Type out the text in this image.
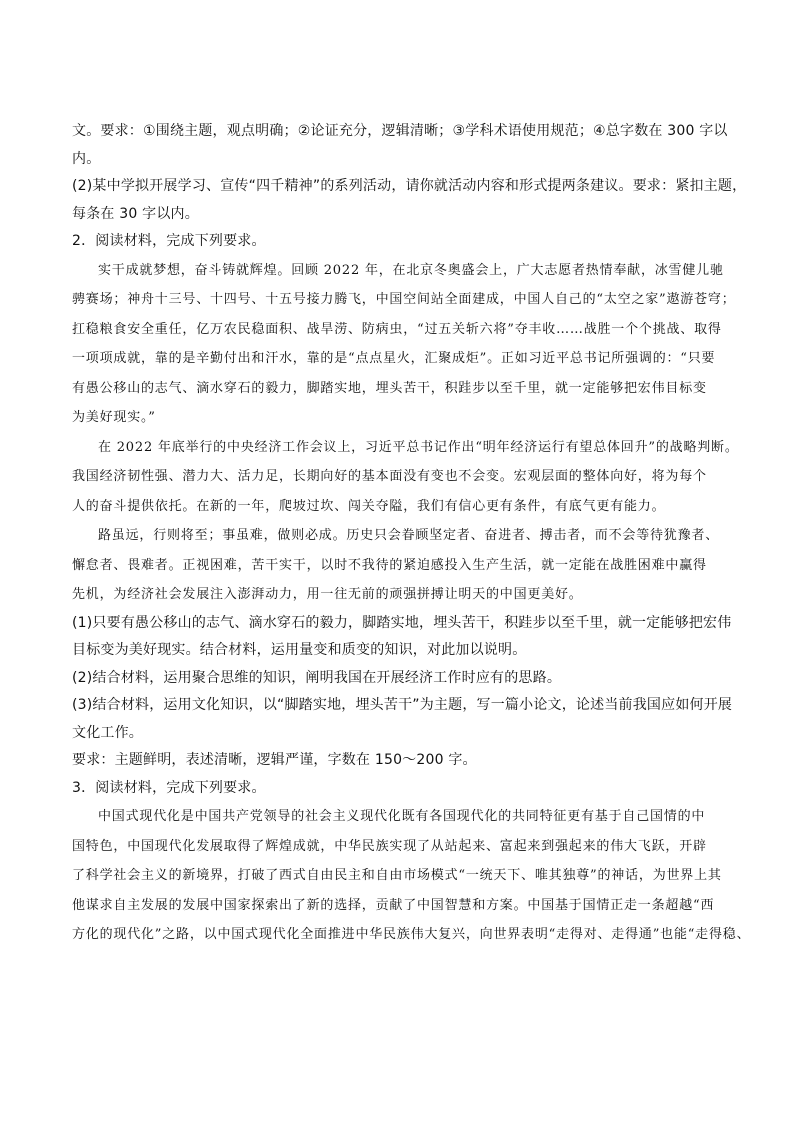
文。要求：①围绕主题，观点明确；②论证充分，逻辑清晰；③学科术语使用规范；④总字数在 300 字以

内。

(2)某中学拟开展学习、宣传“四千精神”的系列活动，请你就活动内容和形式提两条建议。要求：紧扣主题，

每条在 30 字以内。

2．阅读材料，完成下列要求。

实干成就梦想，奋斗铸就辉煌。回顾 2022 年，在北京冬奥盛会上，广大志愿者热情奉献，冰雪健儿驰

骋赛场；神舟十三号、十四号、十五号接力腾飞，中国空间站全面建成，中国人自己的“太空之家”遨游苍穹；

扛稳粮食安全重任，亿万农民稳面积、战旱涝、防病虫，“过五关斩六将”夺丰收……战胜一个个挑战、取得

一项项成就，靠的是辛勤付出和汗水，靠的是“点点星火，汇聚成炬”。正如习近平总书记所强调的：“只要

有愚公移山的志气、滴水穿石的毅力，脚踏实地，埋头苦干，积跬步以至千里，就一定能够把宏伟目标变

为美好现实。”

在 2022 年底举行的中央经济工作会议上，习近平总书记作出“明年经济运行有望总体回升”的战略判断。

我国经济韧性强、潜力大、活力足，长期向好的基本面没有变也不会变。宏观层面的整体向好，将为每个

人的奋斗提供依托。在新的一年，爬坡过坎、闯关夺隘，我们有信心更有条件，有底气更有能力。

路虽远，行则将至；事虽难，做则必成。历史只会眷顾坚定者、奋进者、搏击者，而不会等待犹豫者、

懈怠者、畏难者。正视困难，苦干实干，以时不我待的紧迫感投入生产生活，就一定能在战胜困难中赢得

先机，为经济社会发展注入澎湃动力，用一往无前的顽强拼搏让明天的中国更美好。

(1)只要有愚公移山的志气、滴水穿石的毅力，脚踏实地，埋头苦干，积跬步以至千里，就一定能够把宏伟

目标变为美好现实。结合材料，运用量变和质变的知识，对此加以说明。

(2)结合材料，运用聚合思维的知识，阐明我国在开展经济工作时应有的思路。

(3)结合材料，运用文化知识，以“脚踏实地，埋头苦干”为主题，写一篇小论文，论述当前我国应如何开展

文化工作。

要求：主题鲜明，表述清晰，逻辑严谨，字数在 150～200 字。

3．阅读材料，完成下列要求。

中国式现代化是中国共产党领导的社会主义现代化既有各国现代化的共同特征更有基于自己国情的中

国特色，中国现代化发展取得了辉煌成就，中华民族实现了从站起来、富起来到强起来的伟大飞跃，开辟

了科学社会主义的新境界，打破了西式自由民主和自由市场模式“一统天下、唯其独尊”的神话，为世界上其

他谋求自主发展的发展中国家探索出了新的选择，贡献了中国智慧和方案。中国基于国情正走一条超越“西

方化的现代化”之路，以中国式现代化全面推进中华民族伟大复兴，向世界表明“走得对、走得通”也能“走得稳、
